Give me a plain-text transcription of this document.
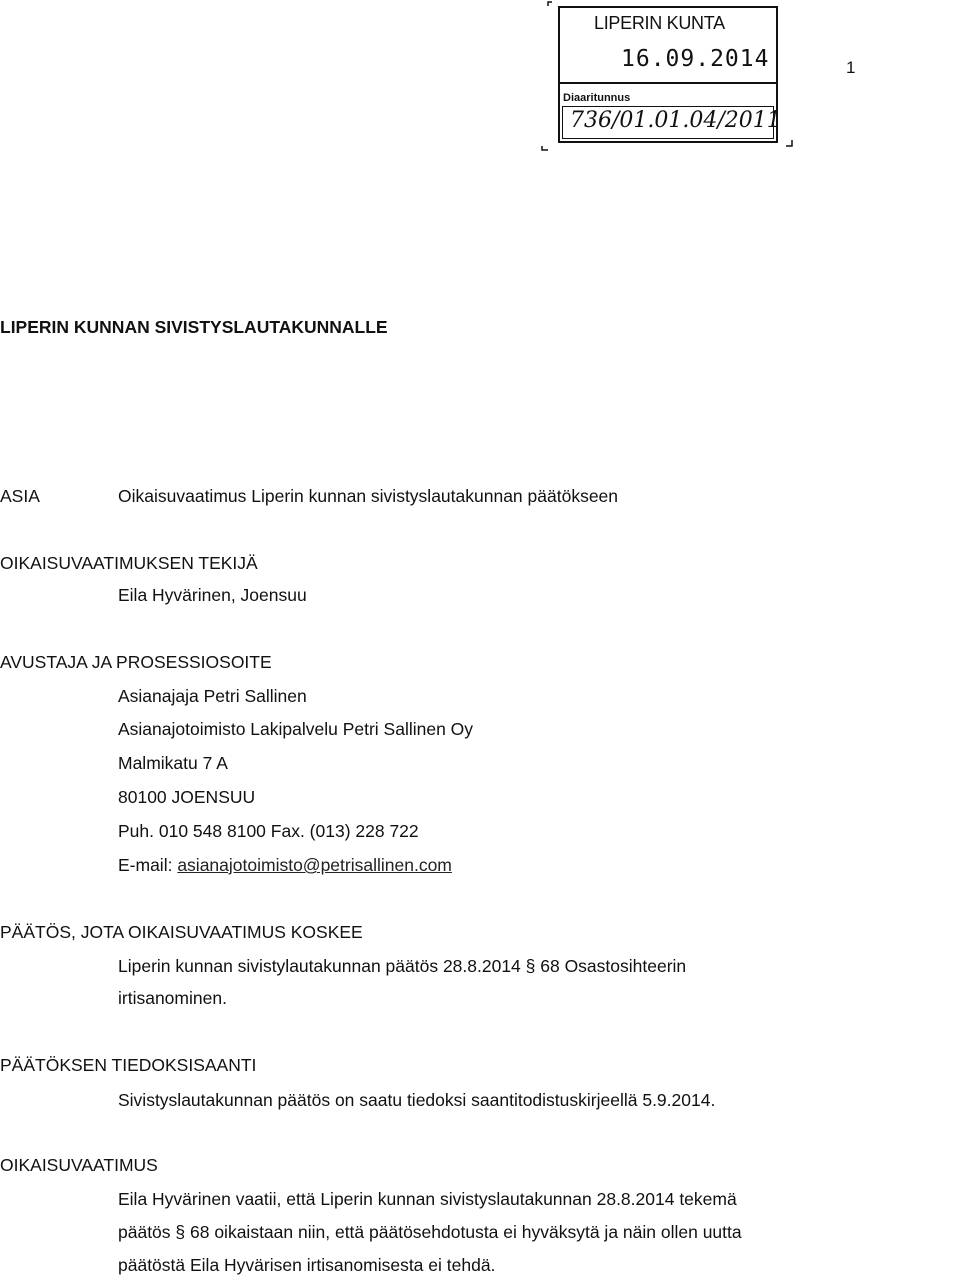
LIPERIN KUNTA
16.09.2014
Diaaritunnus
736/01.01.04/2011
1
LIPERIN KUNNAN SIVISTYSLAUTAKUNNALLE
ASIA	Oikaisuvaatimus Liperin kunnan sivistyslautakunnan päätökseen
OIKAISUVAATIMUKSEN TEKIJÄ
Eila Hyvärinen, Joensuu
AVUSTAJA JA PROSESSIOSOITE
Asianajaja Petri Sallinen
Asianajotoimisto Lakipalvelu Petri Sallinen Oy
Malmikatu 7 A
80100 JOENSUU
Puh. 010 548 8100 Fax. (013) 228 722
E-mail: asianajotoimisto@petrisallinen.com
PÄÄTÖS, JOTA OIKAISUVAATIMUS KOSKEE
Liperin kunnan sivistylautakunnan päätös 28.8.2014 § 68 Osastosihteerin
irtisanominen.
PÄÄTÖKSEN TIEDOKSISAANTI
Sivistyslautakunnan päätös on saatu tiedoksi saantitodistuskirjeellä 5.9.2014.
OIKAISUVAATIMUS
Eila Hyvärinen vaatii, että Liperin kunnan sivistyslautakunnan 28.8.2014 tekemä
päätös § 68 oikaistaan niin, että päätösehdotusta ei hyväksytä ja näin ollen uutta
päätöstä Eila Hyvärisen irtisanomisesta ei tehdä.
